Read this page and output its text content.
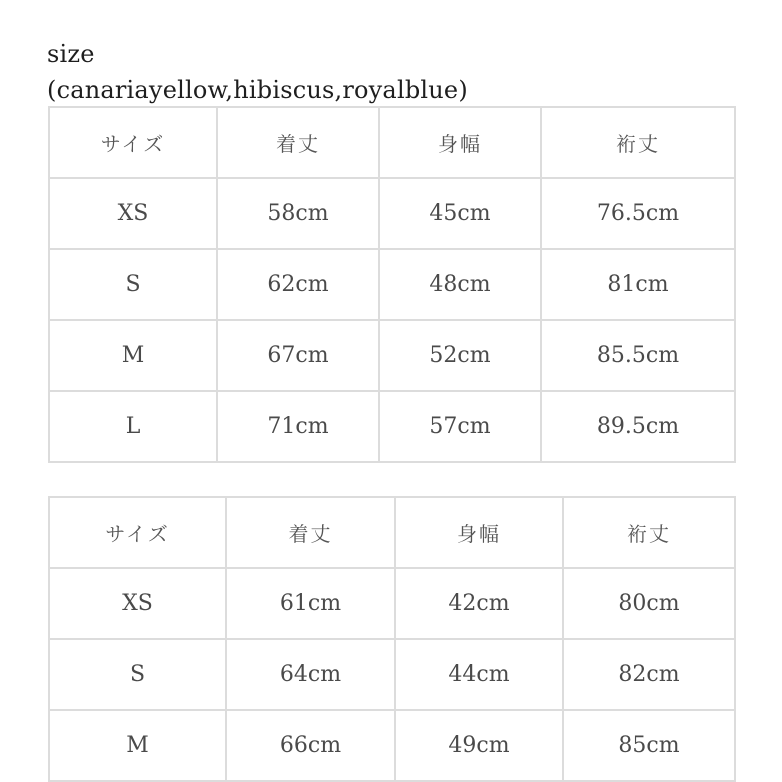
size
(canariayellow,hibiscus,royalblue)
サイズ	着丈	身幅	裄丈
XS	58cm	45cm	76.5cm
S	62cm	48cm	81cm
M	67cm	52cm	85.5cm
L	71cm	57cm	89.5cm
サイズ	着丈	身幅	裄丈
XS	61cm	42cm	80cm
S	64cm	44cm	82cm
M	66cm	49cm	85cm
